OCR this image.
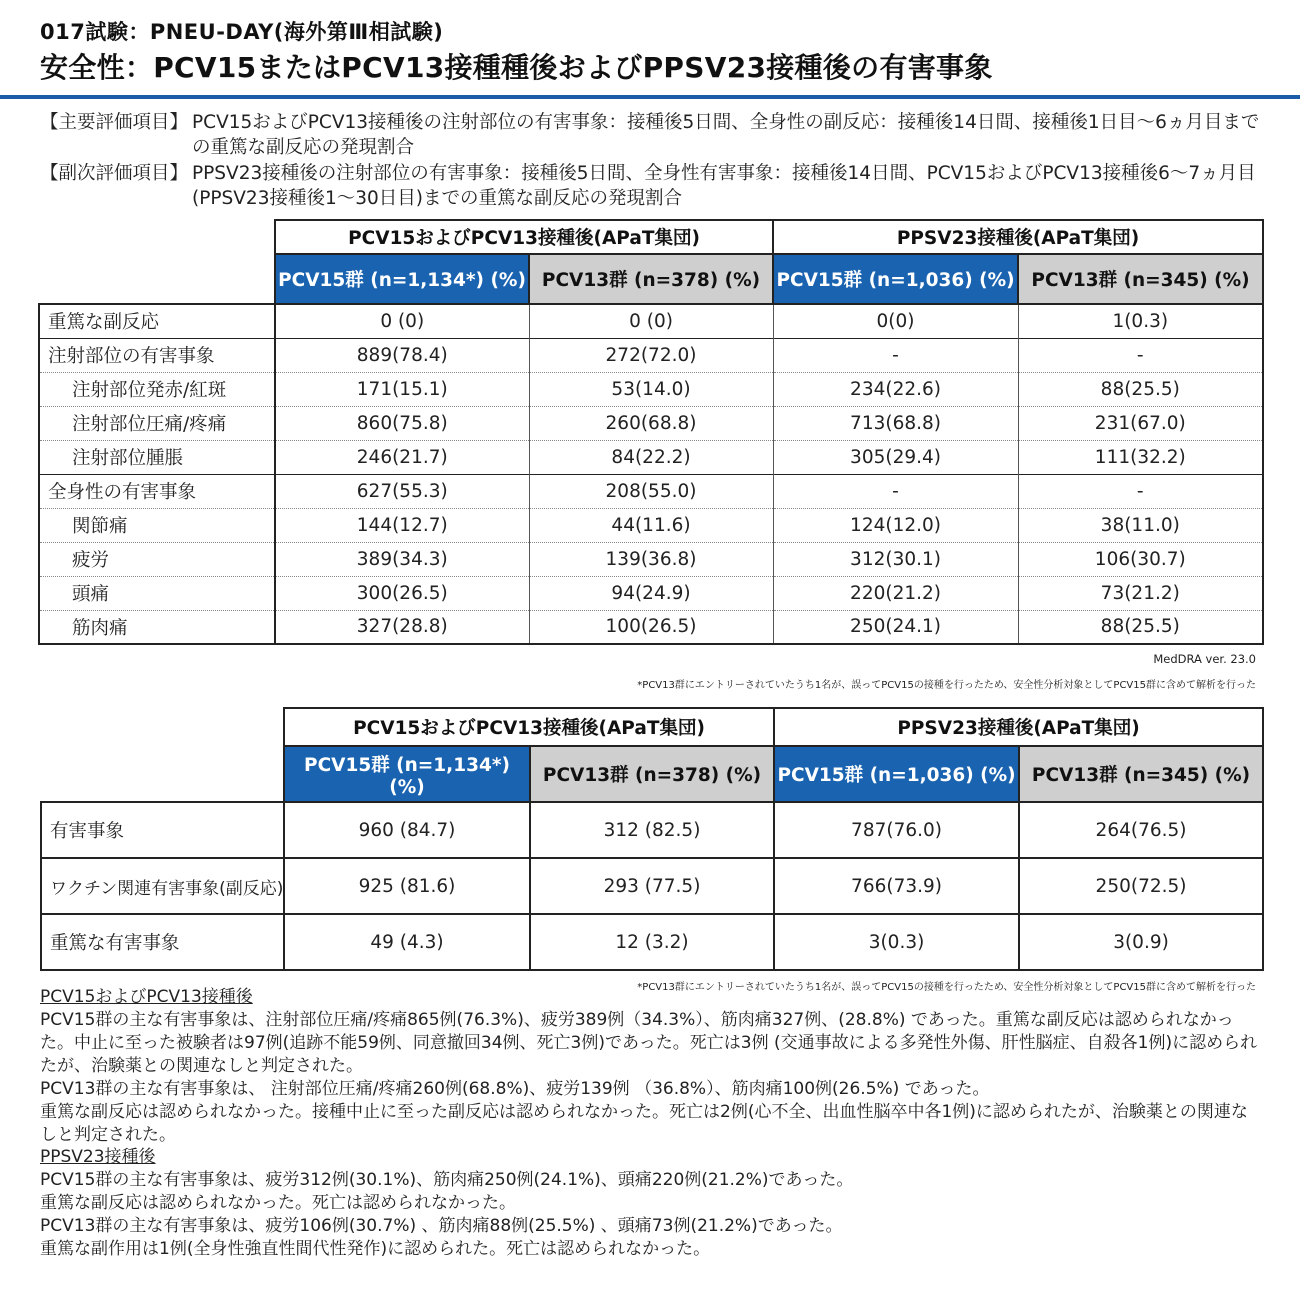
017試験：PNEU-DAY(海外第Ⅲ相試験)
安全性：PCV15またはPCV13接種種後およびPPSV23接種後の有害事象
【主要評価項目】 PCV15およびPCV13接種後の注射部位の有害事象：接種後5日間、全身性の副反応：接種後14日間、接種後1日目～6ヵ月目までの重篤な副反応の発現割合
【副次評価項目】 PPSV23接種後の注射部位の有害事象：接種後5日間、全身性有害事象：接種後14日間、PCV15およびPCV13接種後6～7ヵ月目(PPSV23接種後1～30日目)までの重篤な副反応の発現割合
	PCV15およびPCV13接種後(APaT集団)		PPSV23接種後(APaT集団)	
	PCV15群 (n=1,134*) (%)	PCV13群 (n=378) (%)	PCV15群 (n=1,036) (%)	PCV13群 (n=345) (%)
重篤な副反応	0 (0)	0 (0)	0(0)	1(0.3)
注射部位の有害事象	889(78.4)	272(72.0)	-	-
注射部位発赤/紅斑	171(15.1)	53(14.0)	234(22.6)	88(25.5)
注射部位圧痛/疼痛	860(75.8)	260(68.8)	713(68.8)	231(67.0)
注射部位腫脹	246(21.7)	84(22.2)	305(29.4)	111(32.2)
全身性の有害事象	627(55.3)	208(55.0)	-	-
関節痛	144(12.7)	44(11.6)	124(12.0)	38(11.0)
疲労	389(34.3)	139(36.8)	312(30.1)	106(30.7)
頭痛	300(26.5)	94(24.9)	220(21.2)	73(21.2)
筋肉痛	327(28.8)	100(26.5)	250(24.1)	88(25.5)
MedDRA ver. 23.0
*PCV13群にエントリーされていたうち1名が、誤ってPCV15の接種を行ったため、安全性分析対象としてPCV15群に含めて解析を行った
	PCV15およびPCV13接種後(APaT集団)		PPSV23接種後(APaT集団)	
	PCV15群 (n=1,134*) (%)	PCV13群 (n=378) (%)	PCV15群 (n=1,036) (%)	PCV13群 (n=345) (%)
有害事象	960 (84.7)	312 (82.5)	787(76.0)	264(76.5)
ワクチン関連有害事象(副反応)	925 (81.6)	293 (77.5)	766(73.9)	250(72.5)
重篤な有害事象	49 (4.3)	12 (3.2)	3(0.3)	3(0.9)
*PCV13群にエントリーされていたうち1名が、誤ってPCV15の接種を行ったため、安全性分析対象としてPCV15群に含めて解析を行った
PCV15およびPCV13接種後
PCV15群の主な有害事象は、注射部位圧痛/疼痛865例(76.3%)、疲労389例（34.3%）、筋肉痛327例、(28.8%) であった。重篤な副反応は認められなかった。中止に至った被験者は97例(追跡不能59例、同意撤回34例、死亡3例)であった。死亡は3例 (交通事故による多発性外傷、肝性脳症、自殺各1例)に認められたが、治験薬との関連なしと判定された。
PCV13群の主な有害事象は、 注射部位圧痛/疼痛260例(68.8%)、疲労139例 （36.8%）、筋肉痛100例(26.5%) であった。
重篤な副反応は認められなかった。接種中止に至った副反応は認められなかった。死亡は2例(心不全、出血性脳卒中各1例)に認められたが、治験薬との関連なしと判定された。
PPSV23接種後
PCV15群の主な有害事象は、疲労312例(30.1%)、筋肉痛250例(24.1%)、頭痛220例(21.2%)であった。
重篤な副反応は認められなかった。死亡は認められなかった。
PCV13群の主な有害事象は、疲労106例(30.7%) 、筋肉痛88例(25.5%) 、頭痛73例(21.2%)であった。
重篤な副作用は1例(全身性強直性間代性発作)に認められた。死亡は認められなかった。
